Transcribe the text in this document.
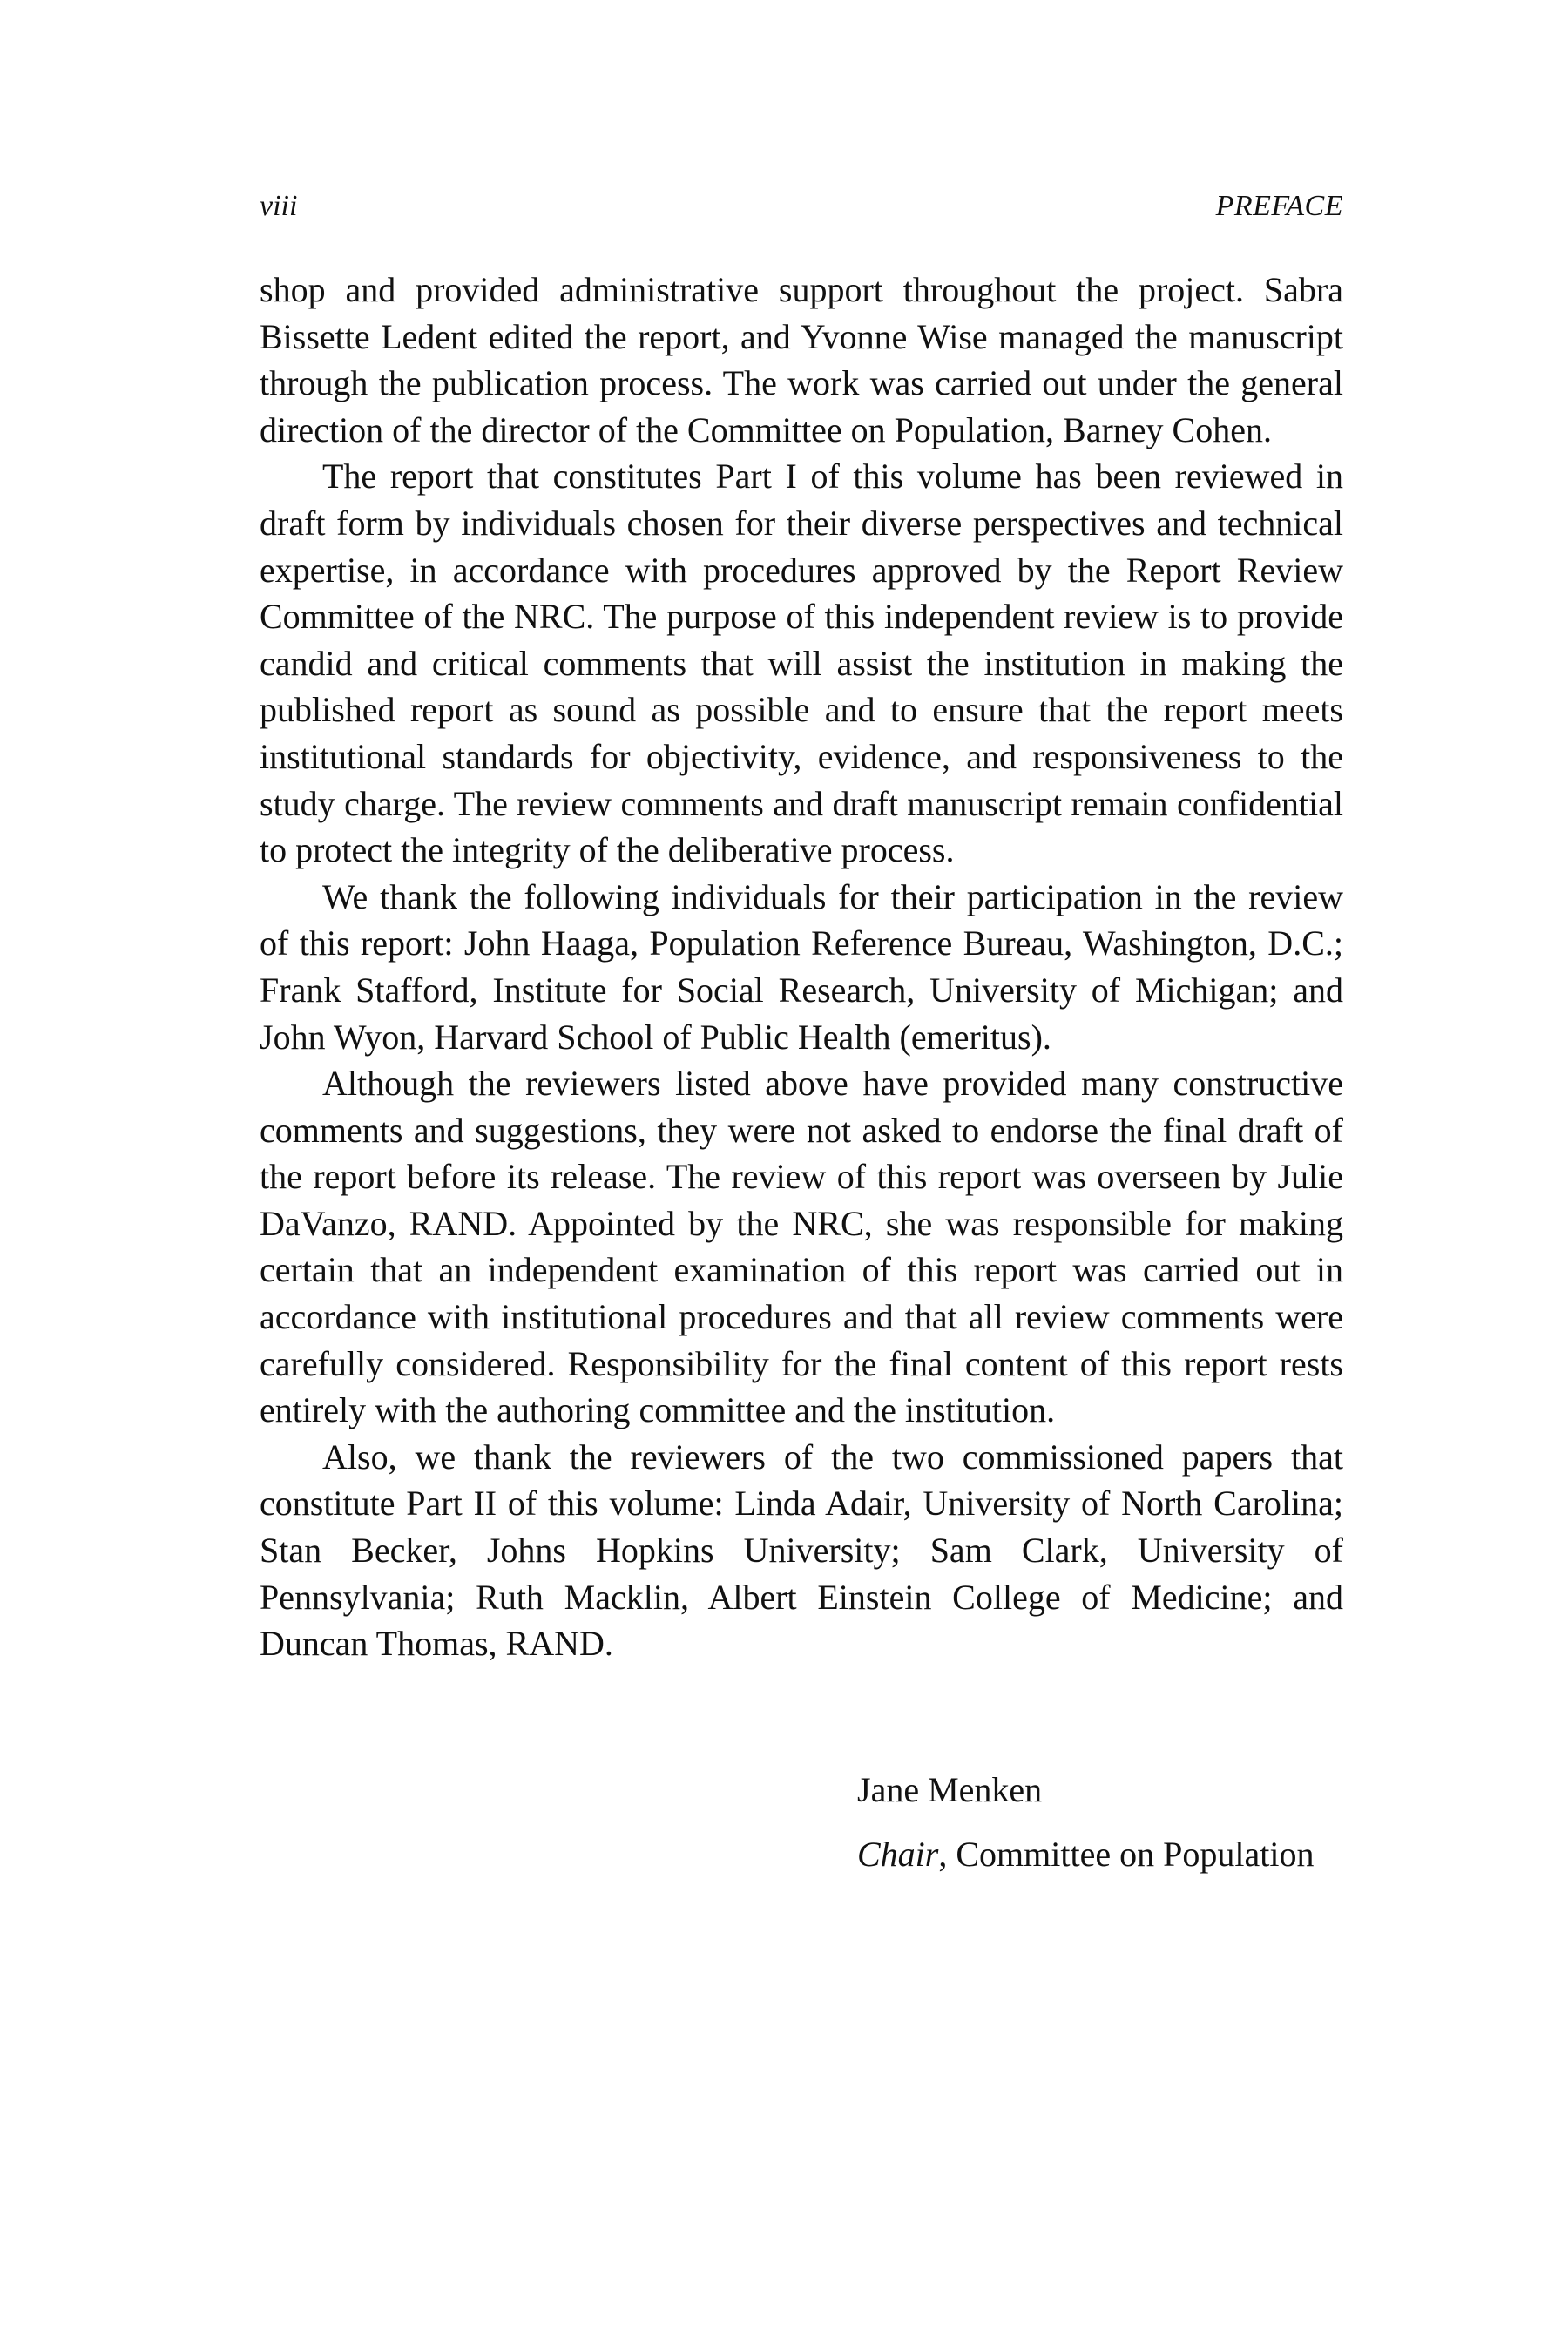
viii	PREFACE

shop and provided administrative support throughout the project. Sabra Bissette Ledent edited the report, and Yvonne Wise managed the manuscript through the publication process. The work was carried out under the general direction of the director of the Committee on Population, Barney Cohen.

The report that constitutes Part I of this volume has been reviewed in draft form by individuals chosen for their diverse perspectives and technical expertise, in accordance with procedures approved by the Report Review Committee of the NRC. The purpose of this independent review is to provide candid and critical comments that will assist the institution in making the published report as sound as possible and to ensure that the report meets institutional standards for objectivity, evidence, and responsiveness to the study charge. The review comments and draft manuscript remain confidential to protect the integrity of the deliberative process.

We thank the following individuals for their participation in the review of this report: John Haaga, Population Reference Bureau, Washington, D.C.; Frank Stafford, Institute for Social Research, University of Michigan; and John Wyon, Harvard School of Public Health (emeritus).

Although the reviewers listed above have provided many constructive comments and suggestions, they were not asked to endorse the final draft of the report before its release. The review of this report was overseen by Julie DaVanzo, RAND. Appointed by the NRC, she was responsible for making certain that an independent examination of this report was carried out in accordance with institutional procedures and that all review comments were carefully considered. Responsibility for the final content of this report rests entirely with the authoring committee and the institution.

Also, we thank the reviewers of the two commissioned papers that constitute Part II of this volume: Linda Adair, University of North Carolina; Stan Becker, Johns Hopkins University; Sam Clark, University of Pennsylvania; Ruth Macklin, Albert Einstein College of Medicine; and Duncan Thomas, RAND.

Jane Menken
Chair, Committee on Population
